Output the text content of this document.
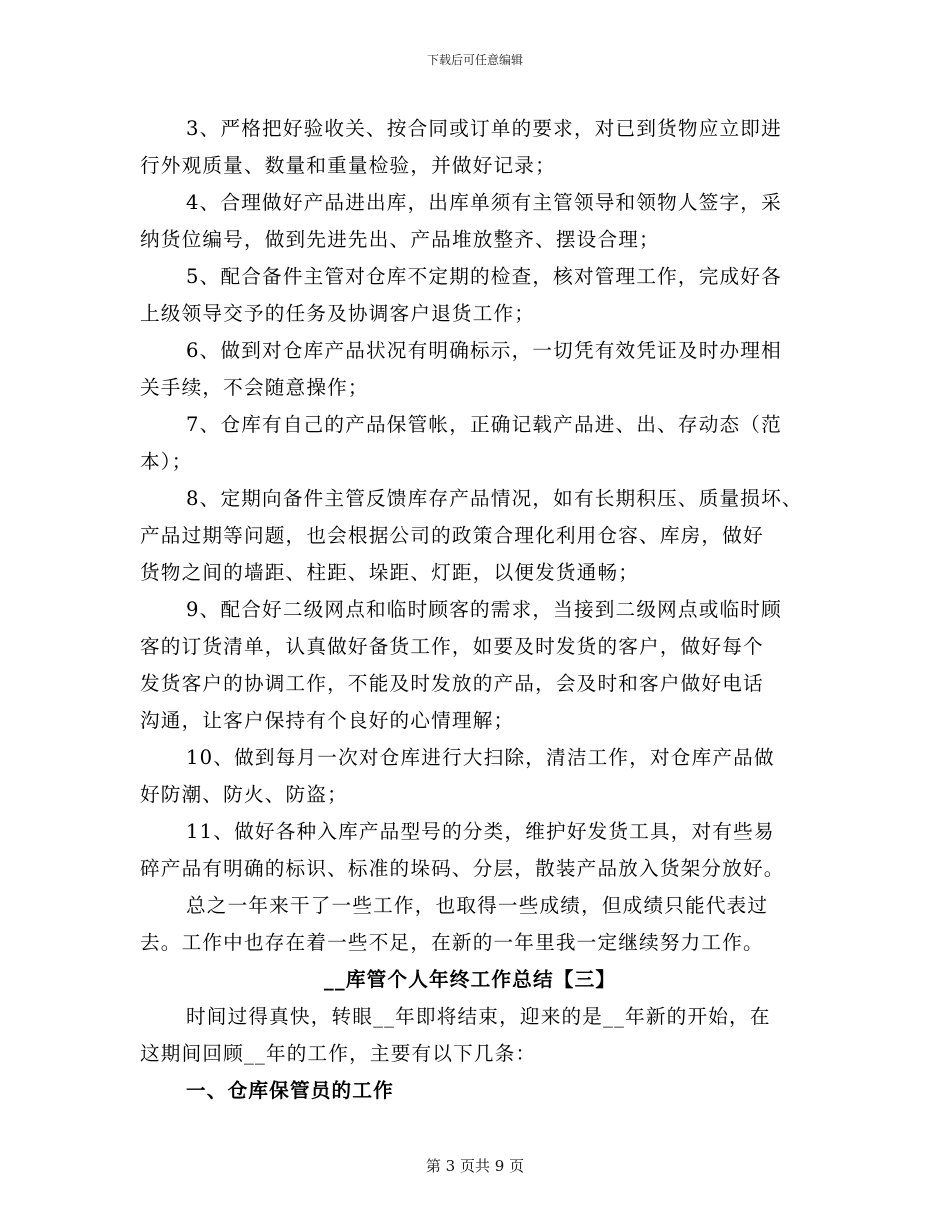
下载后可任意编辑
3、严格把好验收关、按合同或订单的要求，对已到货物应立即进
行外观质量、数量和重量检验，并做好记录；
4、合理做好产品进出库，出库单须有主管领导和领物人签字，采
纳货位编号，做到先进先出、产品堆放整齐、摆设合理；
5、配合备件主管对仓库不定期的检查，核对管理工作，完成好各
上级领导交予的任务及协调客户退货工作；
6、做到对仓库产品状况有明确标示，一切凭有效凭证及时办理相
关手续，不会随意操作；
7、仓库有自己的产品保管帐，正确记载产品进、出、存动态（范
本）；
8、定期向备件主管反馈库存产品情况，如有长期积压、质量损坏、
产品过期等问题，也会根据公司的政策合理化利用仓容、库房，做好
货物之间的墙距、柱距、垛距、灯距，以便发货通畅；
9、配合好二级网点和临时顾客的需求，当接到二级网点或临时顾
客的订货清单，认真做好备货工作，如要及时发货的客户，做好每个
发货客户的协调工作，不能及时发放的产品，会及时和客户做好电话
沟通，让客户保持有个良好的心情理解；
10、做到每月一次对仓库进行大扫除，清洁工作，对仓库产品做
好防潮、防火、防盗；
11、做好各种入库产品型号的分类，维护好发货工具，对有些易
碎产品有明确的标识、标准的垛码、分层，散装产品放入货架分放好。
总之一年来干了一些工作，也取得一些成绩，但成绩只能代表过
去。工作中也存在着一些不足，在新的一年里我一定继续努力工作。
__库管个人年终工作总结【三】
时间过得真快，转眼__年即将结束，迎来的是__年新的开始，在
这期间回顾__年的工作，主要有以下几条：
一、仓库保管员的工作
第 3 页共 9 页
